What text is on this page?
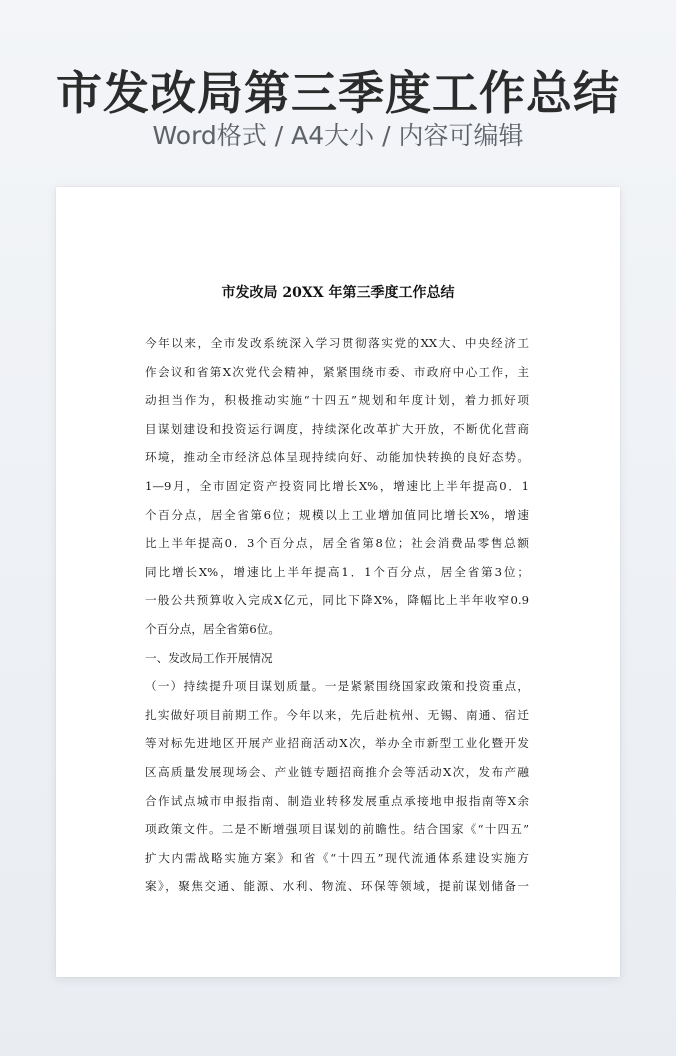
市发改局第三季度工作总结
Word格式 / A4大小 / 内容可编辑
市发改局 20XX 年第三季度工作总结
今年以来，全市发改系统深入学习贯彻落实党的XX大、中央经济工
作会议和省第X次党代会精神，紧紧围绕市委、市政府中心工作，主
动担当作为，积极推动实施“十四五”规划和年度计划，着力抓好项
目谋划建设和投资运行调度，持续深化改革扩大开放，不断优化营商
环境，推动全市经济总体呈现持续向好、动能加快转换的良好态势。
1—9月，全市固定资产投资同比增长X%，增速比上半年提高0．1
个百分点，居全省第6位；规模以上工业增加值同比增长X%，增速
比上半年提高0．3个百分点，居全省第8位；社会消费品零售总额
同比增长X%，增速比上半年提高1．1个百分点，居全省第3位；
一般公共预算收入完成X亿元，同比下降X%，降幅比上半年收窄0.9
个百分点，居全省第6位。
一、发改局工作开展情况
（一）持续提升项目谋划质量。一是紧紧围绕国家政策和投资重点，
扎实做好项目前期工作。今年以来，先后赴杭州、无锡、南通、宿迁
等对标先进地区开展产业招商活动X次，举办全市新型工业化暨开发
区高质量发展现场会、产业链专题招商推介会等活动X次，发布产融
合作试点城市申报指南、制造业转移发展重点承接地申报指南等X余
项政策文件。二是不断增强项目谋划的前瞻性。结合国家《“十四五”
扩大内需战略实施方案》和省《“十四五”现代流通体系建设实施方
案》，聚焦交通、能源、水利、物流、环保等领域，提前谋划储备一
